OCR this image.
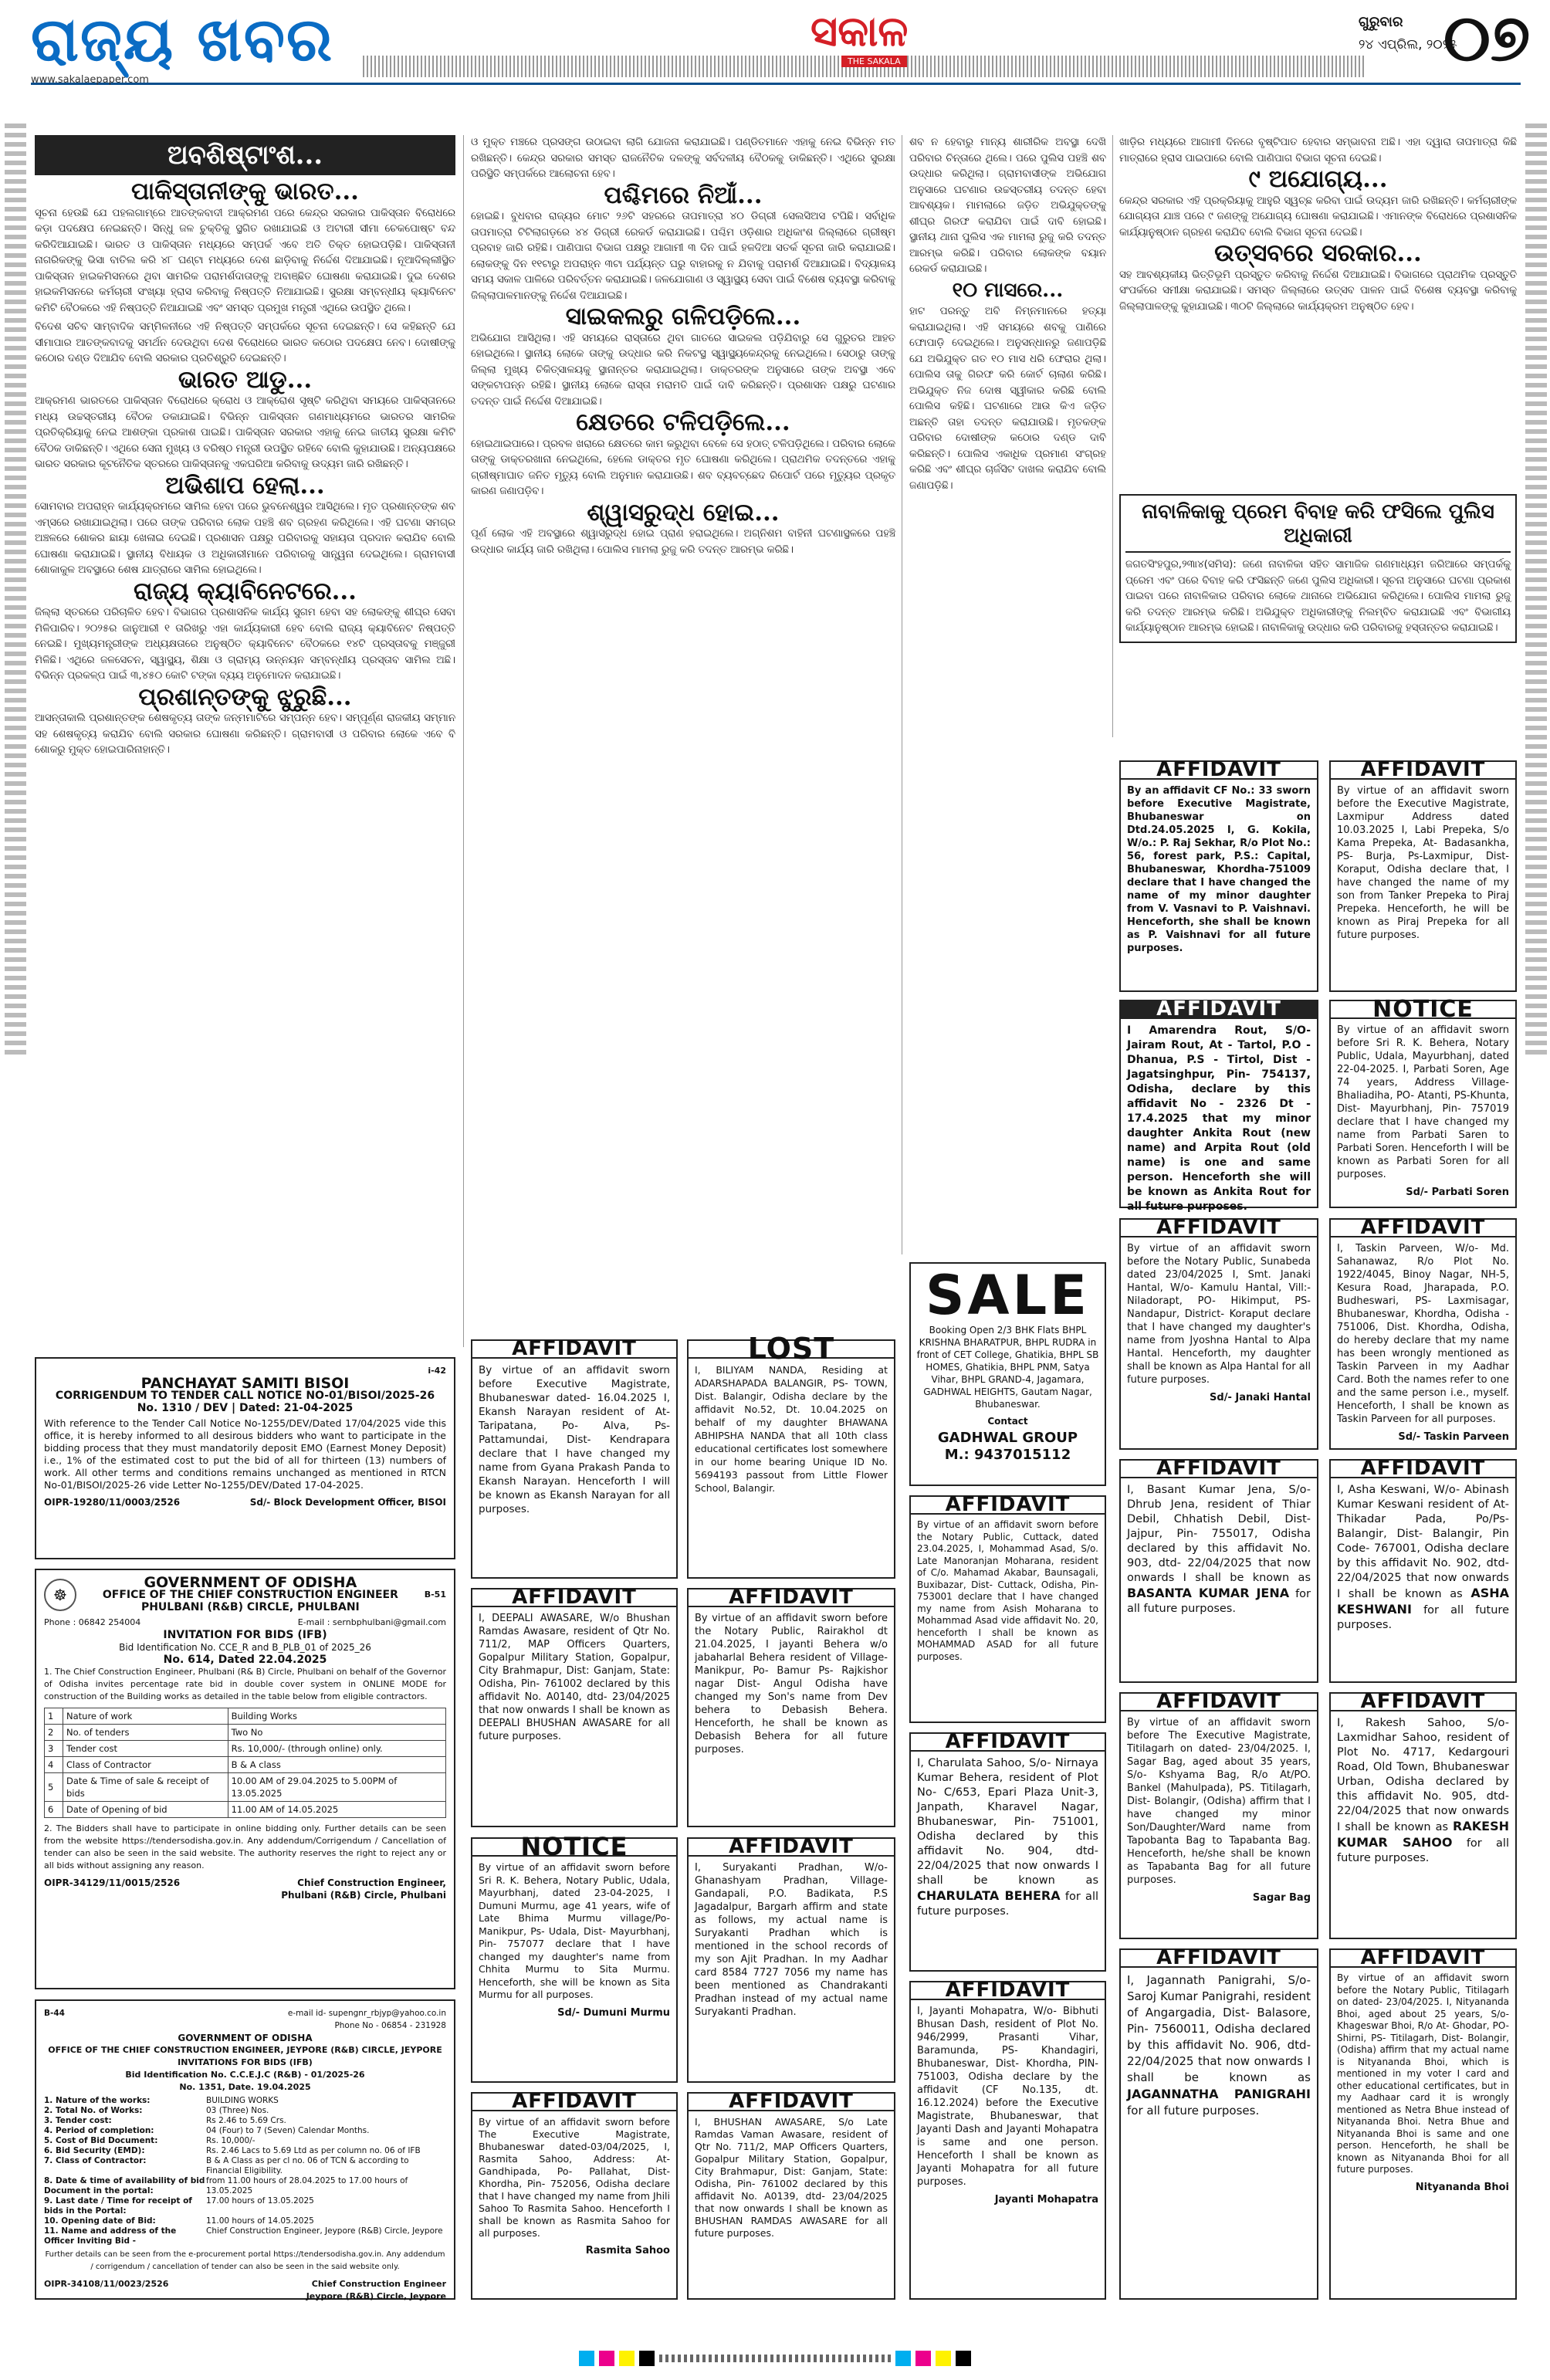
ରାଜ୍ୟ ଖବର
www.sakalaepaper.com
ସକାଳ
THE SAKALA
ଗୁରୁବାର
୨୪ ଏପ୍ରିଲ, ୨୦୨୫
୦୭
ଅବଶିଷ୍ଟାଂଶ...
ପାକିସ୍ତାନୀଙ୍କୁ ଭାରତ...

ସୂଚନା ହେଉଛି ଯେ ପହଲଗାମ୍‌ରେ ଆତଙ୍କବାଦୀ ଆକ୍ରମଣ ପରେ କେନ୍ଦ୍ର ସରକାର ପାକିସ୍ତାନ ବିରୋଧରେ କଡ଼ା ପଦକ୍ଷେପ ନେଇଛନ୍ତି। ସିନ୍ଧୁ ଜଳ ଚୁକ୍ତିକୁ ସ୍ଥଗିତ ରଖାଯାଇଛି ଓ ଅଟାରୀ ସୀମା ଚେକପୋଷ୍ଟ ବନ୍ଦ କରିଦିଆଯାଇଛି। ଭାରତ ଓ ପାକିସ୍ତାନ ମଧ୍ୟରେ ସମ୍ପର୍କ ଏବେ ଅତି ତିକ୍ତ ହୋଇପଡ଼ିଛି। ପାକିସ୍ତାନୀ ନାଗରିକଙ୍କୁ ଭିସା ବାତିଲ କରି ୪୮ ଘଣ୍ଟା ମଧ୍ୟରେ ଦେଶ ଛାଡ଼ିବାକୁ ନିର୍ଦ୍ଦେଶ ଦିଆଯାଇଛି। ନୂଆଦିଲ୍ଲୀସ୍ଥିତ ପାକିସ୍ତାନ ହାଇକମିସନରେ ଥିବା ସାମରିକ ପରାମର୍ଶଦାତାଙ୍କୁ ଅବାଞ୍ଛିତ ଘୋଷଣା କରାଯାଇଛି। ଦୁଇ ଦେଶର ହାଇକମିସନରେ କର୍ମଚାରୀ ସଂଖ୍ୟା ହ୍ରାସ କରିବାକୁ ନିଷ୍ପତ୍ତି ନିଆଯାଇଛି। ସୁରକ୍ଷା ସମ୍ବନ୍ଧୀୟ କ୍ୟାବିନେଟ କମିଟି ବୈଠକରେ ଏହି ନିଷ୍ପତ୍ତି ନିଆଯାଇଛି ଏବଂ ସମସ୍ତ ପ୍ରମୁଖ ମନ୍ତ୍ରୀ ଏଥିରେ ଉପସ୍ଥିତ ଥିଲେ।

ବିଦେଶ ସଚିବ ସାମ୍ବାଦିକ ସମ୍ମିଳନୀରେ ଏହି ନିଷ୍ପତ୍ତି ସମ୍ପର୍କରେ ସୂଚନା ଦେଇଛନ୍ତି। ସେ କହିଛନ୍ତି ଯେ ସୀମାପାର ଆତଙ୍କବାଦକୁ ସମର୍ଥନ ଦେଉଥିବା ଦେଶ ବିରୋଧରେ ଭାରତ କଠୋର ପଦକ୍ଷେପ ନେବ। ଦୋଷୀଙ୍କୁ କଠୋର ଦଣ୍ଡ ଦିଆଯିବ ବୋଲି ସରକାର ପ୍ରତିଶ୍ରୁତି ଦେଇଛନ୍ତି।

ଭାରତ ଆଡୁ...

ଆକ୍ରମଣ ଭାରତରେ ପାକିସ୍ତାନ ବିରୋଧରେ କ୍ରୋଧ ଓ ଆକ୍ରୋଶ ସୃଷ୍ଟି କରିଥିବା ସମୟରେ ପାକିସ୍ତାନରେ ମଧ୍ୟ ଉଚ୍ଚସ୍ତରୀୟ ବୈଠକ ଡକାଯାଇଛି। ବିଭିନ୍ନ ପାକିସ୍ତାନ ଗଣମାଧ୍ୟମରେ ଭାରତର ସାମରିକ ପ୍ରତିକ୍ରିୟାକୁ ନେଇ ଆଶଙ୍କା ପ୍ରକାଶ ପାଇଛି। ପାକିସ୍ତାନ ସରକାର ଏହାକୁ ନେଇ ଜାତୀୟ ସୁରକ୍ଷା କମିଟି ବୈଠକ ଡାକିଛନ୍ତି। ଏଥିରେ ସେନା ମୁଖ୍ୟ ଓ ବରିଷ୍ଠ ମନ୍ତ୍ରୀ ଉପସ୍ଥିତ ରହିବେ ବୋଲି କୁହାଯାଉଛି। ଅନ୍ୟପକ୍ଷରେ ଭାରତ ସରକାର କୂଟନୈତିକ ସ୍ତରରେ ପାକିସ୍ତାନକୁ ଏକଘରିଆ କରିବାକୁ ଉଦ୍ୟମ ଜାରି ରଖିଛନ୍ତି।

ଅଭିଶାପ ହେଲା...

ସୋମବାର ଅପରାହ୍ନ କାର୍ଯ୍ୟକ୍ରମରେ ସାମିଲ ହେବା ପରେ ଭୁବନେଶ୍ୱର ଆସିଥିଲେ। ମୃତ ପ୍ରଶାନ୍ତଙ୍କ ଶବ ଏମ୍‌ସରେ ରଖାଯାଇଥିଲା। ପରେ ତାଙ୍କ ପରିବାର ଲୋକ ପହଞ୍ଚି ଶବ ଗ୍ରହଣ କରିଥିଲେ। ଏହି ଘଟଣା ସମଗ୍ର ଅଞ୍ଚଳରେ ଶୋକର ଛାୟା ଖେଳାଇ ଦେଇଛି। ପ୍ରଶାସନ ପକ୍ଷରୁ ପରିବାରକୁ ସହାୟତା ପ୍ରଦାନ କରାଯିବ ବୋଲି ଘୋଷଣା କରାଯାଇଛି। ସ୍ଥାନୀୟ ବିଧାୟକ ଓ ଅଧିକାରୀମାନେ ପରିବାରକୁ ସାନ୍ତ୍ୱନା ଦେଇଥିଲେ। ଗ୍ରାମବାସୀ ଶୋକାକୁଳ ଅବସ୍ଥାରେ ଶେଷ ଯାତ୍ରାରେ ସାମିଲ ହୋଇଥିଲେ।

ରାଜ୍ୟ କ୍ୟାବିନେଟରେ...

ଜିଲ୍ଲା ସ୍ତରରେ ପରିଚାଳିତ ହେବ। ବିଭାଗର ପ୍ରଶାସନିକ କାର୍ଯ୍ୟ ସୁଗମ ହେବା ସହ ଲୋକଙ୍କୁ ଶୀଘ୍ର ସେବା ମିଳିପାରିବ। ୨୦୨୫ର ଜାନୁଆରୀ ୧ ତାରିଖରୁ ଏହା କାର୍ଯ୍ୟକାରୀ ହେବ ବୋଲି ରାଜ୍ୟ କ୍ୟାବିନେଟ ନିଷ୍ପତ୍ତି ନେଇଛି। ମୁଖ୍ୟମନ୍ତ୍ରୀଙ୍କ ଅଧ୍ୟକ୍ଷତାରେ ଅନୁଷ୍ଠିତ କ୍ୟାବିନେଟ ବୈଠକରେ ୧୪ଟି ପ୍ରସ୍ତାବକୁ ମଞ୍ଜୁରୀ ମିଳିଛି। ଏଥିରେ ଜଳସେଚନ, ସ୍ୱାସ୍ଥ୍ୟ, ଶିକ୍ଷା ଓ ଗ୍ରାମ୍ୟ ଉନ୍ନୟନ ସମ୍ବନ୍ଧୀୟ ପ୍ରସ୍ତାବ ସାମିଲ ଅଛି। ବିଭିନ୍ନ ପ୍ରକଳ୍ପ ପାଇଁ ୩,୪୫୦ କୋଟି ଟଙ୍କା ବ୍ୟୟ ଅନୁମୋଦନ କରାଯାଇଛି।

ପ୍ରଶାନ୍ତଙ୍କୁ ଝୁରୁଛି...

ଆସନ୍ତାକାଲି ପ୍ରଶାନ୍ତଙ୍କ ଶେଷକୃତ୍ୟ ତାଙ୍କ ଜନ୍ମମାଟିରେ ସମ୍ପନ୍ନ ହେବ। ସମ୍ପୂର୍ଣ୍ଣ ରାଜକୀୟ ସମ୍ମାନ ସହ ଶେଷକୃତ୍ୟ କରାଯିବ ବୋଲି ସରକାର ଘୋଷଣା କରିଛନ୍ତି। ଗ୍ରାମବାସୀ ଓ ପରିବାର ଲୋକେ ଏବେ ବି ଶୋକରୁ ମୁକ୍ତ ହୋଇପାରିନାହାନ୍ତି।

ଓ ମୁକ୍ତ ମଞ୍ଚରେ ପ୍ରସଙ୍ଗ ଉଠାଇବା ଲାଗି ଯୋଜନା କରାଯାଇଛି। ପଣ୍ଡିତମାନେ ଏହାକୁ ନେଇ ବିଭିନ୍ନ ମତ ରଖିଛନ୍ତି। କେନ୍ଦ୍ର ସରକାର ସମସ୍ତ ରାଜନୈତିକ ଦଳଙ୍କୁ ସର୍ବଦଳୀୟ ବୈଠକକୁ ଡାକିଛନ୍ତି। ଏଥିରେ ସୁରକ୍ଷା ପରିସ୍ଥିତି ସମ୍ପର୍କରେ ଆଲୋଚନା ହେବ।

ପଶ୍ଚିମରେ ନିଆଁ...

ହୋଇଛି। ବୁଧବାର ରାଜ୍ୟର ମୋଟ ୨୬ଟି ସହରରେ ତାପମାତ୍ରା ୪୦ ଡିଗ୍ରୀ ସେଲସିଅସ ଟପିଛି। ସର୍ବାଧିକ ତାପମାତ୍ରା ଟିଟିଲାଗଡ଼ରେ ୪୪ ଡିଗ୍ରୀ ରେକର୍ଡ କରାଯାଇଛି। ପଶ୍ଚିମ ଓଡ଼ିଶାର ଅଧିକାଂଶ ଜିଲ୍ଲାରେ ଗ୍ରୀଷ୍ମ ପ୍ରବାହ ଜାରି ରହିଛି। ପାଣିପାଗ ବିଭାଗ ପକ୍ଷରୁ ଆଗାମୀ ୩ ଦିନ ପାଇଁ ହଳଦିଆ ସତର୍କ ସୂଚନା ଜାରି କରାଯାଇଛି। ଲୋକଙ୍କୁ ଦିନ ୧୧ଟାରୁ ଅପରାହ୍ନ ୩ଟା ପର୍ଯ୍ୟନ୍ତ ଘରୁ ବାହାରକୁ ନ ଯିବାକୁ ପରାମର୍ଶ ଦିଆଯାଇଛି। ବିଦ୍ୟାଳୟ ସମୟ ସକାଳ ପାଳିରେ ପରିବର୍ତ୍ତନ କରାଯାଇଛି। ଜଳଯୋଗାଣ ଓ ସ୍ୱାସ୍ଥ୍ୟ ସେବା ପାଇଁ ବିଶେଷ ବ୍ୟବସ୍ଥା କରିବାକୁ ଜିଲ୍ଲାପାଳମାନଙ୍କୁ ନିର୍ଦ୍ଦେଶ ଦିଆଯାଇଛି।

ସାଇକଲରୁ ଗଳିପଡ଼ିଲେ...

ଅଭିଯୋଗ ଆସିଥିଲା। ଏହି ସମୟରେ ରାସ୍ତାରେ ଥିବା ଗାତରେ ସାଇକଲ ପଡ଼ିଯିବାରୁ ସେ ଗୁରୁତର ଆହତ ହୋଇଥିଲେ। ସ୍ଥାନୀୟ ଲୋକେ ତାଙ୍କୁ ଉଦ୍ଧାର କରି ନିକଟସ୍ଥ ସ୍ୱାସ୍ଥ୍ୟକେନ୍ଦ୍ରକୁ ନେଇଥିଲେ। ସେଠାରୁ ତାଙ୍କୁ ଜିଲ୍ଲା ମୁଖ୍ୟ ଚିକିତ୍ସାଳୟକୁ ସ୍ଥାନାନ୍ତର କରାଯାଇଥିଲା। ଡାକ୍ତରଙ୍କ ଅନୁସାରେ ତାଙ୍କ ଅବସ୍ଥା ଏବେ ସଙ୍କଟାପନ୍ନ ରହିଛି। ସ୍ଥାନୀୟ ଲୋକେ ରାସ୍ତା ମରାମତି ପାଇଁ ଦାବି କରିଛନ୍ତି। ପ୍ରଶାସନ ପକ୍ଷରୁ ଘଟଣାର ତଦନ୍ତ ପାଇଁ ନିର୍ଦ୍ଦେଶ ଦିଆଯାଇଛି।

କ୍ଷେତରେ ଟଳିପଡ଼ିଲେ...

ହୋଇଥାଇପାରେ। ପ୍ରବଳ ଖରାରେ କ୍ଷେତରେ କାମ କରୁଥିବା ବେଳେ ସେ ହଠାତ୍ ଟଳିପଡ଼ିଥିଲେ। ପରିବାର ଲୋକେ ତାଙ୍କୁ ଡାକ୍ତରଖାନା ନେଇଥିଲେ, ହେଲେ ଡାକ୍ତର ମୃତ ଘୋଷଣା କରିଥିଲେ। ପ୍ରାଥମିକ ତଦନ୍ତରେ ଏହାକୁ ଗ୍ରୀଷ୍ମାଘାତ ଜନିତ ମୃତ୍ୟୁ ବୋଲି ଅନୁମାନ କରାଯାଉଛି। ଶବ ବ୍ୟବଚ୍ଛେଦ ରିପୋର୍ଟ ପରେ ମୃତ୍ୟୁର ପ୍ରକୃତ କାରଣ ଜଣାପଡ଼ିବ।

ଶ୍ୱାସରୁଦ୍ଧ ହୋଇ...

ପୂର୍ଣ ଲୋକ ଏହି ଅବସ୍ଥାରେ ଶ୍ୱାସରୁଦ୍ଧ ହୋଇ ପ୍ରାଣ ହରାଇଥିଲେ। ଅଗ୍ନିଶମ ବାହିନୀ ଘଟଣାସ୍ଥଳରେ ପହଞ୍ଚି ଉଦ୍ଧାର କାର୍ଯ୍ୟ ଜାରି ରଖିଥିଲା। ପୋଲିସ ମାମଲା ରୁଜୁ କରି ତଦନ୍ତ ଆରମ୍ଭ କରିଛି।

ଶବ ନ ହେବାରୁ ମାନ୍ୟ ଶାରୀରିକ ଅବସ୍ଥା ଦେଖି ପରିବାର ଚିନ୍ତାରେ ଥିଲେ। ପରେ ପୁଲିସ ପହଞ୍ଚି ଶବ ଉଦ୍ଧାର କରିଥିଲା। ଗ୍ରାମବାସୀଙ୍କ ଅଭିଯୋଗ ଅନୁସାରେ ଘଟଣାର ଉଚ୍ଚସ୍ତରୀୟ ତଦନ୍ତ ହେବା ଆବଶ୍ୟକ। ମାମଲାରେ ଜଡ଼ିତ ଅଭିଯୁକ୍ତଙ୍କୁ ଶୀଘ୍ର ଗିରଫ କରାଯିବା ପାଇଁ ଦାବି ହୋଇଛି। ସ୍ଥାନୀୟ ଥାନା ପୁଲିସ ଏକ ମାମଲା ରୁଜୁ କରି ତଦନ୍ତ ଆରମ୍ଭ କରିଛି। ପରିବାର ଲୋକଙ୍କ ବୟାନ ରେକର୍ଡ କରାଯାଇଛି।

୧୦ ମାସରେ...

ହାଟ ପରନ୍ତୁ ଅବି ନିମ୍ନମାନରେ ହତ୍ୟା କରାଯାଇଥିଲା। ଏହି ସମୟରେ ଶବକୁ ପାଣିରେ ଫୋପାଡ଼ି ଦେଇଥିଲେ। ଅନୁସନ୍ଧାନରୁ ଜଣାପଡ଼ିଛି ଯେ ଅଭିଯୁକ୍ତ ଗତ ୧୦ ମାସ ଧରି ଫେରାର ଥିଲା। ପୋଲିସ ତାକୁ ଗିରଫ କରି କୋର୍ଟ ଚାଲାଣ କରିଛି। ଅଭିଯୁକ୍ତ ନିଜ ଦୋଷ ସ୍ୱୀକାର କରିଛି ବୋଲି ପୋଲିସ କହିଛି। ଘଟଣାରେ ଆଉ କିଏ ଜଡ଼ିତ ଅଛନ୍ତି ତାହା ତଦନ୍ତ କରାଯାଉଛି। ମୃତକଙ୍କ ପରିବାର ଦୋଷୀଙ୍କ କଠୋର ଦଣ୍ଡ ଦାବି କରିଛନ୍ତି। ପୋଲିସ ଏକାଧିକ ପ୍ରମାଣ ସଂଗ୍ରହ କରିଛି ଏବଂ ଶୀଘ୍ର ଚାର୍ଜସିଟ ଦାଖଲ କରାଯିବ ବୋଲି ଜଣାପଡ଼ିଛି।

ଖାଡ଼ିର ମଧ୍ୟରେ ଆଗାମୀ ଦିନରେ ବୃଷ୍ଟିପାତ ହେବାର ସମ୍ଭାବନା ଅଛି। ଏହା ଦ୍ୱାରା ତାପମାତ୍ରା କିଛି ମାତ୍ରାରେ ହ୍ରାସ ପାଇପାରେ ବୋଲି ପାଣିପାଗ ବିଭାଗ ସୂଚନା ଦେଇଛି।

୯ ଅଯୋଗ୍ୟ...

କେନ୍ଦ୍ର ସରକାର ଏହି ପ୍ରକ୍ରିୟାକୁ ଆହୁରି ସ୍ୱଚ୍ଛ କରିବା ପାଇଁ ଉଦ୍ୟମ ଜାରି ରଖିଛନ୍ତି। କର୍ମଚାରୀଙ୍କ ଯୋଗ୍ୟତା ଯାଞ୍ଚ ପରେ ୯ ଜଣଙ୍କୁ ଅଯୋଗ୍ୟ ଘୋଷଣା କରାଯାଇଛି। ଏମାନଙ୍କ ବିରୋଧରେ ପ୍ରଶାସନିକ କାର୍ଯ୍ୟାନୁଷ୍ଠାନ ଗ୍ରହଣ କରାଯିବ ବୋଲି ବିଭାଗ ସୂଚନା ଦେଇଛି।

ଉତ୍ସବରେ ସରକାର...

ସହ ଆବଶ୍ୟକୀୟ ଭିତ୍ତିଭୂମି ପ୍ରସ୍ତୁତ କରିବାକୁ ନିର୍ଦ୍ଦେଶ ଦିଆଯାଇଛି। ବିଭାଗରେ ପ୍ରାଥମିକ ପ୍ରସ୍ତୁତି ସଂପର୍କରେ ସମୀକ୍ଷା କରାଯାଇଛି। ସମସ୍ତ ଜିଲ୍ଲାରେ ଉତ୍ସବ ପାଳନ ପାଇଁ ବିଶେଷ ବ୍ୟବସ୍ଥା କରିବାକୁ ଜିଲ୍ଲାପାଳଙ୍କୁ କୁହାଯାଇଛି। ୩୦ଟି ଜିଲ୍ଲାରେ କାର୍ଯ୍ୟକ୍ରମ ଅନୁଷ୍ଠିତ ହେବ।

ନାବାଳିକାକୁ ପ୍ରେମ ବିବାହ କରି ଫସିଲେ ପୁଲିସ ଅଧିକାରୀ
ଜଗତସିଂହପୁର,୨୩ା୪(ସମିସ): ଜଣେ ନାବାଳିକା ସହିତ ସାମାଜିକ ଗଣମାଧ୍ୟମ ଜରିଆରେ ସମ୍ପର୍କକୁ ପ୍ରେମ ଏବଂ ପରେ ବିବାହ କରି ଫସିଛନ୍ତି ଜଣେ ପୁଲିସ ଅଧିକାରୀ। ସୂଚନା ଅନୁସାରେ ଘଟଣା ପ୍ରକାଶ ପାଇବା ପରେ ନାବାଳିକାର ପରିବାର ଲୋକେ ଥାନାରେ ଅଭିଯୋଗ କରିଥିଲେ। ପୋଲିସ ମାମଲା ରୁଜୁ କରି ତଦନ୍ତ ଆରମ୍ଭ କରିଛି। ଅଭିଯୁକ୍ତ ଅଧିକାରୀଙ୍କୁ ନିଲମ୍ବିତ କରାଯାଇଛି ଏବଂ ବିଭାଗୀୟ କାର୍ଯ୍ୟାନୁଷ୍ଠାନ ଆରମ୍ଭ ହୋଇଛି। ନାବାଳିକାକୁ ଉଦ୍ଧାର କରି ପରିବାରକୁ ହସ୍ତାନ୍ତର କରାଯାଇଛି।
AFFIDAVIT
By an affidavit CF No.: 33 sworn before Executive Magistrate, Bhubaneswar on Dtd.24.05.2025 I, G. Kokila, W/o.: P. Raj Sekhar, R/o Plot No.: 56, forest park, P.S.: Capital, Bhubaneswar, Khordha-751009 declare that I have changed the name of my minor daughter from V. Vasnavi to P. Vaishnavi. Henceforth, she shall be known as P. Vaishnavi for all future purposes.
AFFIDAVIT
By virtue of an affidavit sworn before the Executive Magistrate, Laxmipur Address dated 10.03.2025 I, Labi Prepeka, S/o Kama Prepeka, At- Badasankha, PS- Burja, Ps-Laxmipur, Dist-Koraput, Odisha declare that, I have changed the name of my son from Tanker Prepeka to Piraj Prepeka. Henceforth, he will be known as Piraj Prepeka for all future purposes.
AFFIDAVIT
I Amarendra Rout, S/O- Jairam Rout, At - Tartol, P.O - Dhanua, P.S - Tirtol, Dist - Jagatsinghpur, Pin- 754137, Odisha, declare by this affidavit No - 2326 Dt - 17.4.2025 that my minor daughter Ankita Rout (new name) and Arpita Rout (old name) is one and same person. Henceforth she will be known as Ankita Rout for all future purposes.
NOTICE
By virtue of an affidavit sworn before Sri R. K. Behera, Notary Public, Udala, Mayurbhanj, dated 22-04-2025. I, Parbati Soren, Age 74 years, Address Village- Bhaliadiha, PO- Atanti, PS-Khunta, Dist- Mayurbhanj, Pin- 757019 declare that I have changed my name from Parbati Saren to Parbati Soren. Henceforth I will be known as Parbati Soren for all purposes.
Sd/- Parbati Soren
AFFIDAVIT
By virtue of an affidavit sworn before the Notary Public, Sunabeda dated 23/04/2025 I, Smt. Janaki Hantal, W/o- Kamulu Hantal, Vill:- Niladorapt, PO- Hikimput, PS- Nandapur, District- Koraput declare that I have changed my daughter's name from Jyoshna Hantal to Alpa Hantal. Henceforth, my daughter shall be known as Alpa Hantal for all future purposes.
Sd/- Janaki Hantal
AFFIDAVIT
I, Taskin Parveen, W/o- Md. Sahanawaz, R/o Plot No. 1922/4045, Binoy Nagar, NH-5, Kesura Road, Jharapada, P.O. Budheswari, PS- Laxmisagar, Bhubaneswar, Khordha, Odisha - 751006, Dist. Khordha, Odisha, do hereby declare that my name has been wrongly mentioned as Taskin Parveen in my Aadhar Card. Both the names refer to one and the same person i.e., myself. Henceforth, I shall be known as Taskin Parveen for all purposes.
Sd/- Taskin Parveen
AFFIDAVIT
I, Basant Kumar Jena, S/o- Dhrub Jena, resident of Thiar Debil, Chhatish Debil, Dist- Jajpur, Pin- 755017, Odisha declared by this affidavit No. 903, dtd- 22/04/2025 that now onwards I shall be known as BASANTA KUMAR JENA for all future purposes.
AFFIDAVIT
I, Asha Keswani, W/o- Abinash Kumar Keswani resident of At- Thikadar Pada, Po/Ps- Balangir, Dist- Balangir, Pin Code- 767001, Odisha declare by this affidavit No. 902, dtd- 22/04/2025 that now onwards I shall be known as ASHA KESHWANI for all future purposes.
AFFIDAVIT
By virtue of an affidavit sworn before The Executive Magistrate, Titilagarh on dated- 23/04/2025. I, Sagar Bag, aged about 35 years, S/o- Kshyama Bag, R/o At/PO. Bankel (Mahulpada), PS. Titilagarh, Dist- Bolangir, (Odisha) affirm that I have changed my minor Son/Daughter/Ward name from Tapobanta Bag to Tapabanta Bag. Henceforth, he/she shall be known as Tapabanta Bag for all future purposes.
Sagar Bag
AFFIDAVIT
I, Rakesh Sahoo, S/o- Laxmidhar Sahoo, resident of Plot No. 4717, Kedargouri Road, Old Town, Bhubaneswar Urban, Odisha declared by this affidavit No. 905, dtd- 22/04/2025 that now onwards I shall be known as RAKESH KUMAR SAHOO for all future purposes.
AFFIDAVIT
I, Jagannath Panigrahi, S/o- Saroj Kumar Panigrahi, resident of Angargadia, Dist- Balasore, Pin- 7560011, Odisha declared by this affidavit No. 906, dtd- 22/04/2025 that now onwards I shall be known as JAGANNATHA PANIGRAHI for all future purposes.
AFFIDAVIT
By virtue of an affidavit sworn before the Notary Public, Titilagarh on dated- 23/04/2025. I, Nityananda Bhoi, aged about 25 years, S/o- Khageswar Bhoi, R/o At- Ghodar, PO- Shirni, PS- Titilagarh, Dist- Bolangir, (Odisha) affirm that my actual name is Nityananda Bhoi, which is mentioned in my voter I card and other educational certificates, but in my Aadhaar card it is wrongly mentioned as Netra Bhue instead of Nityananda Bhoi. Netra Bhue and Nityananda Bhoi is same and one person. Henceforth, he shall be known as Nityananda Bhoi for all future purposes.
Nityananda Bhoi
SALE
Booking Open 2/3 BHK Flats BHPL KRISHNA BHARATPUR, BHPL RUDRA in front of CET College, Ghatikia, BHPL SB HOMES, Ghatikia, BHPL PNM, Satya Vihar, BHPL GRAND-4, Jagamara, GADHWAL HEIGHTS, Gautam Nagar, Bhubaneswar.
Contact
GADHWAL GROUP
M.: 9437015112
AFFIDAVIT
By virtue of an affidavit sworn before Executive Magistrate, Bhubaneswar dated- 16.04.2025 I, Ekansh Narayan resident of At- Taripatana, Po- Alva, Ps- Pattamundai, Dist- Kendrapara declare that I have changed my name from Gyana Prakash Panda to Ekansh Narayan. Henceforth I will be known as Ekansh Narayan for all purposes.
LOST
I, BILIYAM NANDA, Residing at ADARSHAPADA BALANGIR, PS- TOWN, Dist. Balangir, Odisha declare by the affidavit No.52, Dt. 10.04.2025 on behalf of my daughter BHAWANA ABHIPSHA NANDA that all 10th class educational certificates lost somewhere in our home bearing Unique ID No. 5694193 passout from Little Flower School, Balangir.
AFFIDAVIT
By virtue of an affidavit sworn before the Notary Public, Cuttack, dated 23.04.2025, I, Mohammad Asad, S/o. Late Manoranjan Moharana, resident of C/o. Mahamad Akabar, Baunsagali, Buxibazar, Dist- Cuttack, Odisha, Pin- 753001 declare that I have changed my name from Asish Moharana to Mohammad Asad vide affidavit No. 20, henceforth I shall be known as MOHAMMAD ASAD for all future purposes.
AFFIDAVIT
I, DEEPALI AWASARE, W/o Bhushan Ramdas Awasare, resident of Qtr No. 711/2, MAP Officers Quarters, Gopalpur Military Station, Gopalpur, City Brahmapur, Dist: Ganjam, State: Odisha, Pin- 761002 declared by this affidavit No. A0140, dtd- 23/04/2025 that now onwards I shall be known as DEEPALI BHUSHAN AWASARE for all future purposes.
AFFIDAVIT
By virtue of an affidavit sworn before the Notary Public, Rairakhol dt 21.04.2025, I jayanti Behera w/o jabaharlal Behera resident of Village- Manikpur, Po- Bamur Ps- Rajkishor nagar Dist- Angul Odisha have changed my Son's name from Dev behera to Debasish Behera. Henceforth, he shall be known as Debasish Behera for all future purposes.	AFFIDAVIT
I, Charulata Sahoo, S/o- Nirnaya Kumar Behera, resident of Plot No- C/653, Epari Plaza Unit-3, Janpath, Kharavel Nagar, Bhubaneswar, Pin- 751001, Odisha declared by this affidavit No. 904, dtd- 22/04/2025 that now onwards I shall be known as CHARULATA BEHERA for all future purposes.
NOTICE
By virtue of an affidavit sworn before Sri R. K. Behera, Notary Public, Udala, Mayurbhanj, dated 23-04-2025, I Dumuni Murmu, age 41 years, wife of Late Bhima Murmu village/Po- Manikpur, Ps- Udala, Dist- Mayurbhanj, Pin- 757077 declare that I have changed my daughter's name from Chhita Murmu to Sita Murmu. Henceforth, she will be known as Sita Murmu for all purposes.
Sd/- Dumuni Murmu
AFFIDAVIT
I, Suryakanti Pradhan, W/o- Ghanashyam Pradhan, Village- Gandapali, P.O. Badikata, P.S Jagadalpur, Bargarh affirm and state as follows, my actual name is Suryakanti Pradhan which is mentioned in the school records of my son Ajit Pradhan. In my Aadhar card 8584 7727 7056 my name has been mentioned as Chandrakanti Pradhan instead of my actual name Suryakanti Pradhan.
AFFIDAVIT
I, Jayanti Mohapatra, W/o- Bibhuti Bhusan Dash, resident of Plot No. 946/2999, Prasanti Vihar, Baramunda, PS- Khandagiri, Bhubaneswar, Dist- Khordha, PIN- 751003, Odisha declare by the affidavit (CF No.135, dt. 16.12.2024) before the Executive Magistrate, Bhubaneswar, that Jayanti Dash and Jayanti Mohapatra is same and one person. Henceforth I shall be known as Jayanti Mohapatra for all future purposes.
Jayanti Mohapatra
AFFIDAVIT
By virtue of an affidavit sworn before The Executive Magistrate, Bhubaneswar dated-03/04/2025, I, Rasmita Sahoo, Address: At- Gandhipada, Po- Pallahat, Dist- Khordha, Pin- 752056, Odisha declare that I have changed my name from Jhili Sahoo To Rasmita Sahoo. Henceforth I shall be known as Rasmita Sahoo for all purposes.
Rasmita Sahoo
AFFIDAVIT
I, BHUSHAN AWASARE, S/o Late Ramdas Vaman Awasare, resident of Qtr No. 711/2, MAP Officers Quarters, Gopalpur Military Station, Gopalpur, City Brahmapur, Dist: Ganjam, State: Odisha, Pin- 761002 declared by this affidavit No. A0139, dtd- 23/04/2025 that now onwards I shall be known as BHUSHAN RAMDAS AWASARE for all future purposes.
i-42
PANCHAYAT SAMITI BISOI
CORRIGENDUM TO TENDER CALL NOTICE NO-01/BISOI/2025-26
No. 1310 / DEV | Dated: 21-04-2025
With reference to the Tender Call Notice No-1255/DEV/Dated 17/04/2025 vide this office, it is hereby informed to all desirous bidders who want to participate in the bidding process that they must mandatorily deposit EMO (Earnest Money Deposit) i.e., 1% of the estimated cost to put the bid of all for thirteen (13) numbers of work. All other terms and conditions remains unchanged as mentioned in RTCN No-01/BISOI/2025-26 vide Letter No-1255/DEV/Dated 17-04-2025.
OIPR-19280/11/0003/2526	Sd/- Block Development Officer, BISOI
☸
GOVERNMENT OF ODISHA
OFFICE OF THE CHIEF CONSTRUCTION ENGINEER
PHULBANI (R&B) CIRCLE, PHULBANI
B-51
Phone : 06842 254004	E-mail : sernbphulbani@gmail.com
INVITATION FOR BIDS (IFB)
Bid Identification No. CCE_R and B_PLB_01 of 2025_26
No. 614, Dated 22.04.2025
1. The Chief Construction Engineer, Phulbani (R& B) Circle, Phulbani on behalf of the Governor of Odisha invites percentage rate bid in double cover system in ONLINE MODE for construction of the Building works as detailed in the table below from eligible contractors.
1	Nature of work	Building Works
2	No. of tenders	Two No
3	Tender cost	Rs. 10,000/- (through online) only.
4	Class of Contractor	B & A class
5	Date & Time of sale & receipt of bids	10.00 AM of 29.04.2025 to 5.00PM of 13.05.2025
6	Date of Opening of bid	11.00 AM of 14.05.2025
2. The Bidders shall have to participate in online bidding only. Further details can be seen from the website https://tendersodisha.gov.in. Any addendum/Corrigendum / Cancellation of tender can also be seen in the said website. The authority reserves the right to reject any or all bids without assigning any reason.
OIPR-34129/11/0015/2526	Chief Construction Engineer, Phulbani (R&B) Circle, Phulbani
B-44	e-mail id- supengnr_rbjyp@yahoo.co.in
Phone No - 06854 - 231928
GOVERNMENT OF ODISHA
OFFICE OF THE CHIEF CONSTRUCTION ENGINEER, JEYPORE (R&B) CIRCLE, JEYPORE
INVITATIONS FOR BIDS (IFB)
Bid Identification No. C.C.E.J.C (R&B) - 01/2025-26
No. 1351, Date. 19.04.2025
1. Nature of the works:	BUILDING WORKS
2. Total No. of Works:	03 (Three) Nos.
3. Tender cost:	Rs 2.46 to 5.69 Crs.
4. Period of completion:	04 (Four) to 7 (Seven) Calendar Months.
5. Cost of Bid Document:	Rs. 10,000/-
6. Bid Security (EMD):	Rs. 2.46 Lacs to 5.69 Ltd as per column no. 06 of IFB
7. Class of Contractor:	B & A Class as per cl no. 06 of TCN & according to Financial Eligibility.
8. Date & time of availability of bid Document in the portal:
from 11.00 hours of 28.04.2025 to 17.00 hours of 13.05.2025
9. Last date / Time for receipt of bids in the Portal:
17.00 hours of 13.05.2025
10. Opening date of Bid:	11.00 hours of 14.05.2025
11. Name and address of the Officer Inviting Bid -
Chief Construction Engineer, Jeypore (R&B) Circle, Jeypore
Further details can be seen from the e-procurement portal https://tendersodisha.gov.in. Any addendum / corrigendum / cancellation of tender can also be seen in the said website only.
OIPR-34108/11/0023/2526	Chief Construction Engineer Jeypore (R&B) Circle, Jeypore
